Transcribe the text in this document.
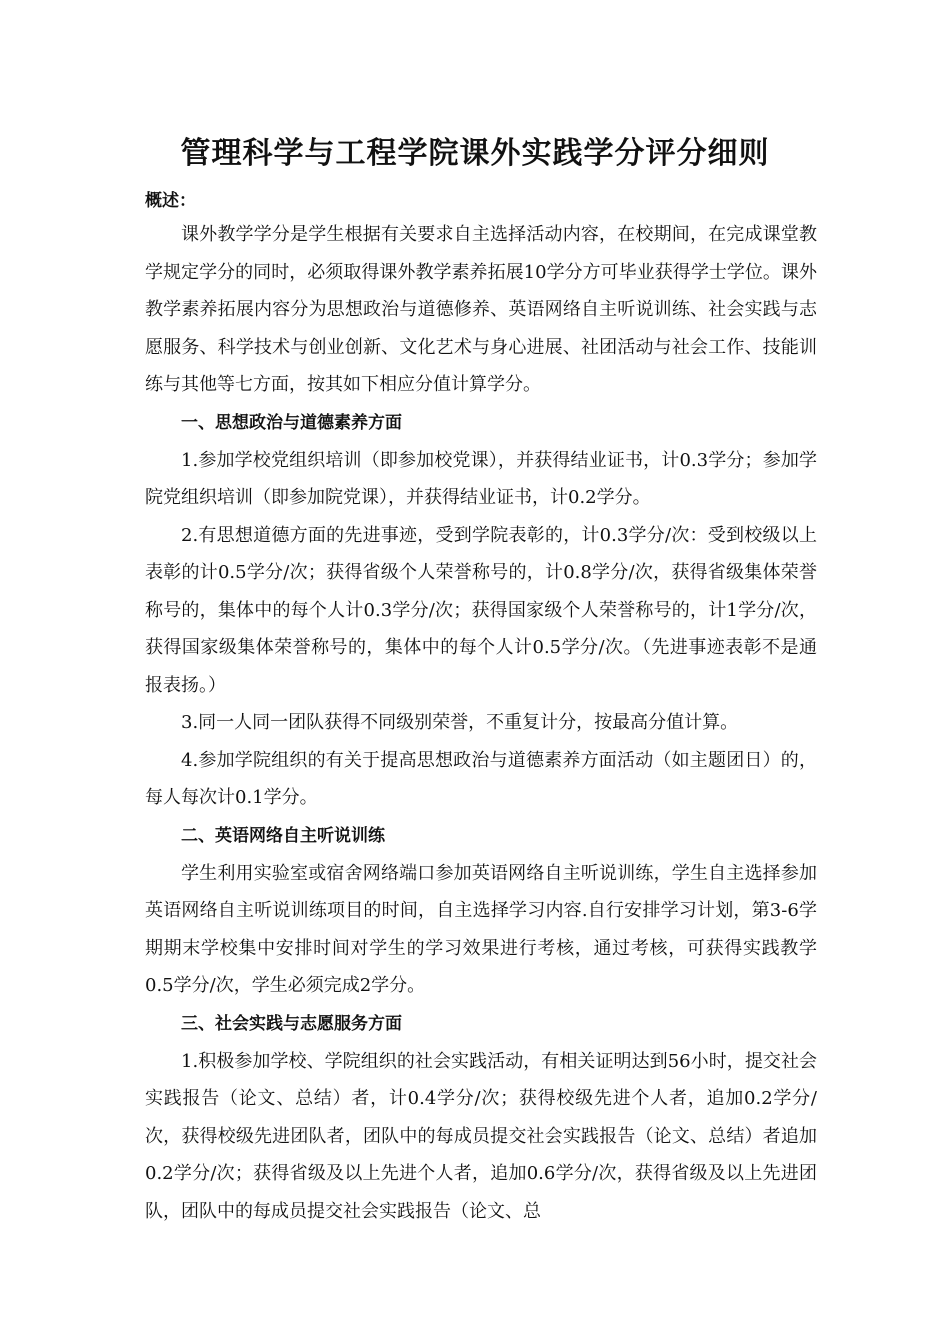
管理科学与工程学院课外实践学分评分细则

概述：

课外教学学分是学生根据有关要求自主选择活动内容，在校期间，在完成课堂教学规定学分的同时，必须取得课外教学素养拓展10学分方可毕业获得学士学位。课外教学素养拓展内容分为思想政治与道德修养、英语网络自主听说训练、社会实践与志愿服务、科学技术与创业创新、文化艺术与身心进展、社团活动与社会工作、技能训练与其他等七方面，按其如下相应分值计算学分。

一、思想政治与道德素养方面

1.参加学校党组织培训（即参加校党课），并获得结业证书，计0.3学分；参加学院党组织培训（即参加院党课），并获得结业证书，计0.2学分。

2.有思想道德方面的先进事迹，受到学院表彰的，计0.3学分/次：受到校级以上表彰的计0.5学分/次；获得省级个人荣誉称号的，计0.8学分/次，获得省级集体荣誉称号的，集体中的每个人计0.3学分/次；获得国家级个人荣誉称号的，计1学分/次，获得国家级集体荣誉称号的，集体中的每个人计0.5学分/次。（先进事迹表彰不是通报表扬。）

3.同一人同一团队获得不同级别荣誉，不重复计分，按最高分值计算。

4.参加学院组织的有关于提高思想政治与道德素养方面活动（如主题团日）的，每人每次计0.1学分。

二、英语网络自主听说训练

学生利用实验室或宿舍网络端口参加英语网络自主听说训练，学生自主选择参加英语网络自主听说训练项目的时间，自主选择学习内容.自行安排学习计划，第3-6学期期末学校集中安排时间对学生的学习效果进行考核，通过考核，可获得实践教学0.5学分/次，学生必须完成2学分。

三、社会实践与志愿服务方面

1.积极参加学校、学院组织的社会实践活动，有相关证明达到56小时，提交社会实践报告（论文、总结）者，计0.4学分/次；获得校级先进个人者，追加0.2学分/次，获得校级先进团队者，团队中的每成员提交社会实践报告（论文、总结）者追加0.2学分/次；获得省级及以上先进个人者，追加0.6学分/次，获得省级及以上先进团队，团队中的每成员提交社会实践报告（论文、总
